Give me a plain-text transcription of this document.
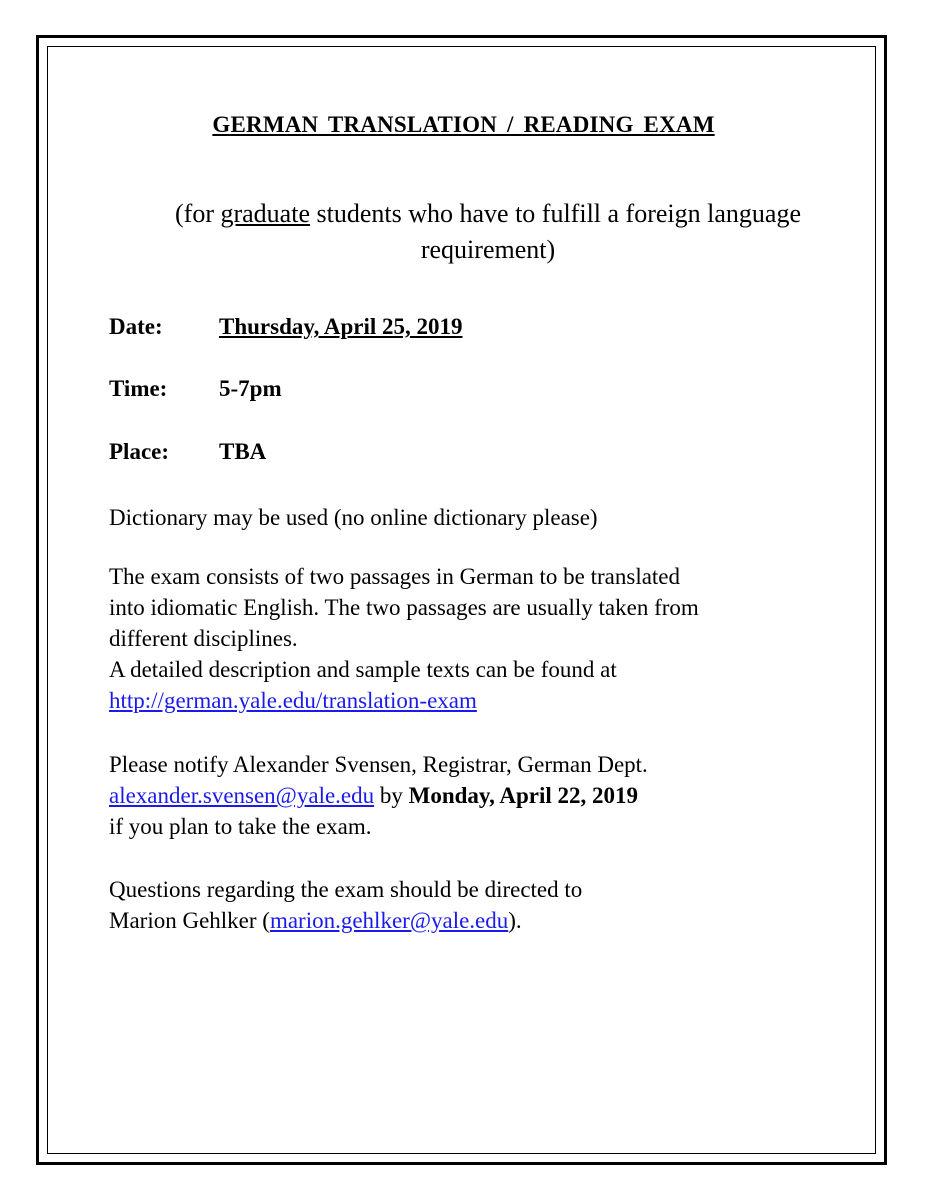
GERMAN TRANSLATION / READING EXAM
(for graduate students who have to fulfill a foreign language requirement)
Date: Thursday, April 25, 2019
Time: 5-7pm
Place: TBA
Dictionary may be used (no online dictionary please)
The exam consists of two passages in German to be translated
into idiomatic English. The two passages are usually taken from
different disciplines.
A detailed description and sample texts can be found at
http://german.yale.edu/translation-exam
Please notify Alexander Svensen, Registrar, German Dept.
alexander.svensen@yale.edu by Monday, April 22, 2019
if you plan to take the exam.
Questions regarding the exam should be directed to
Marion Gehlker (marion.gehlker@yale.edu).
